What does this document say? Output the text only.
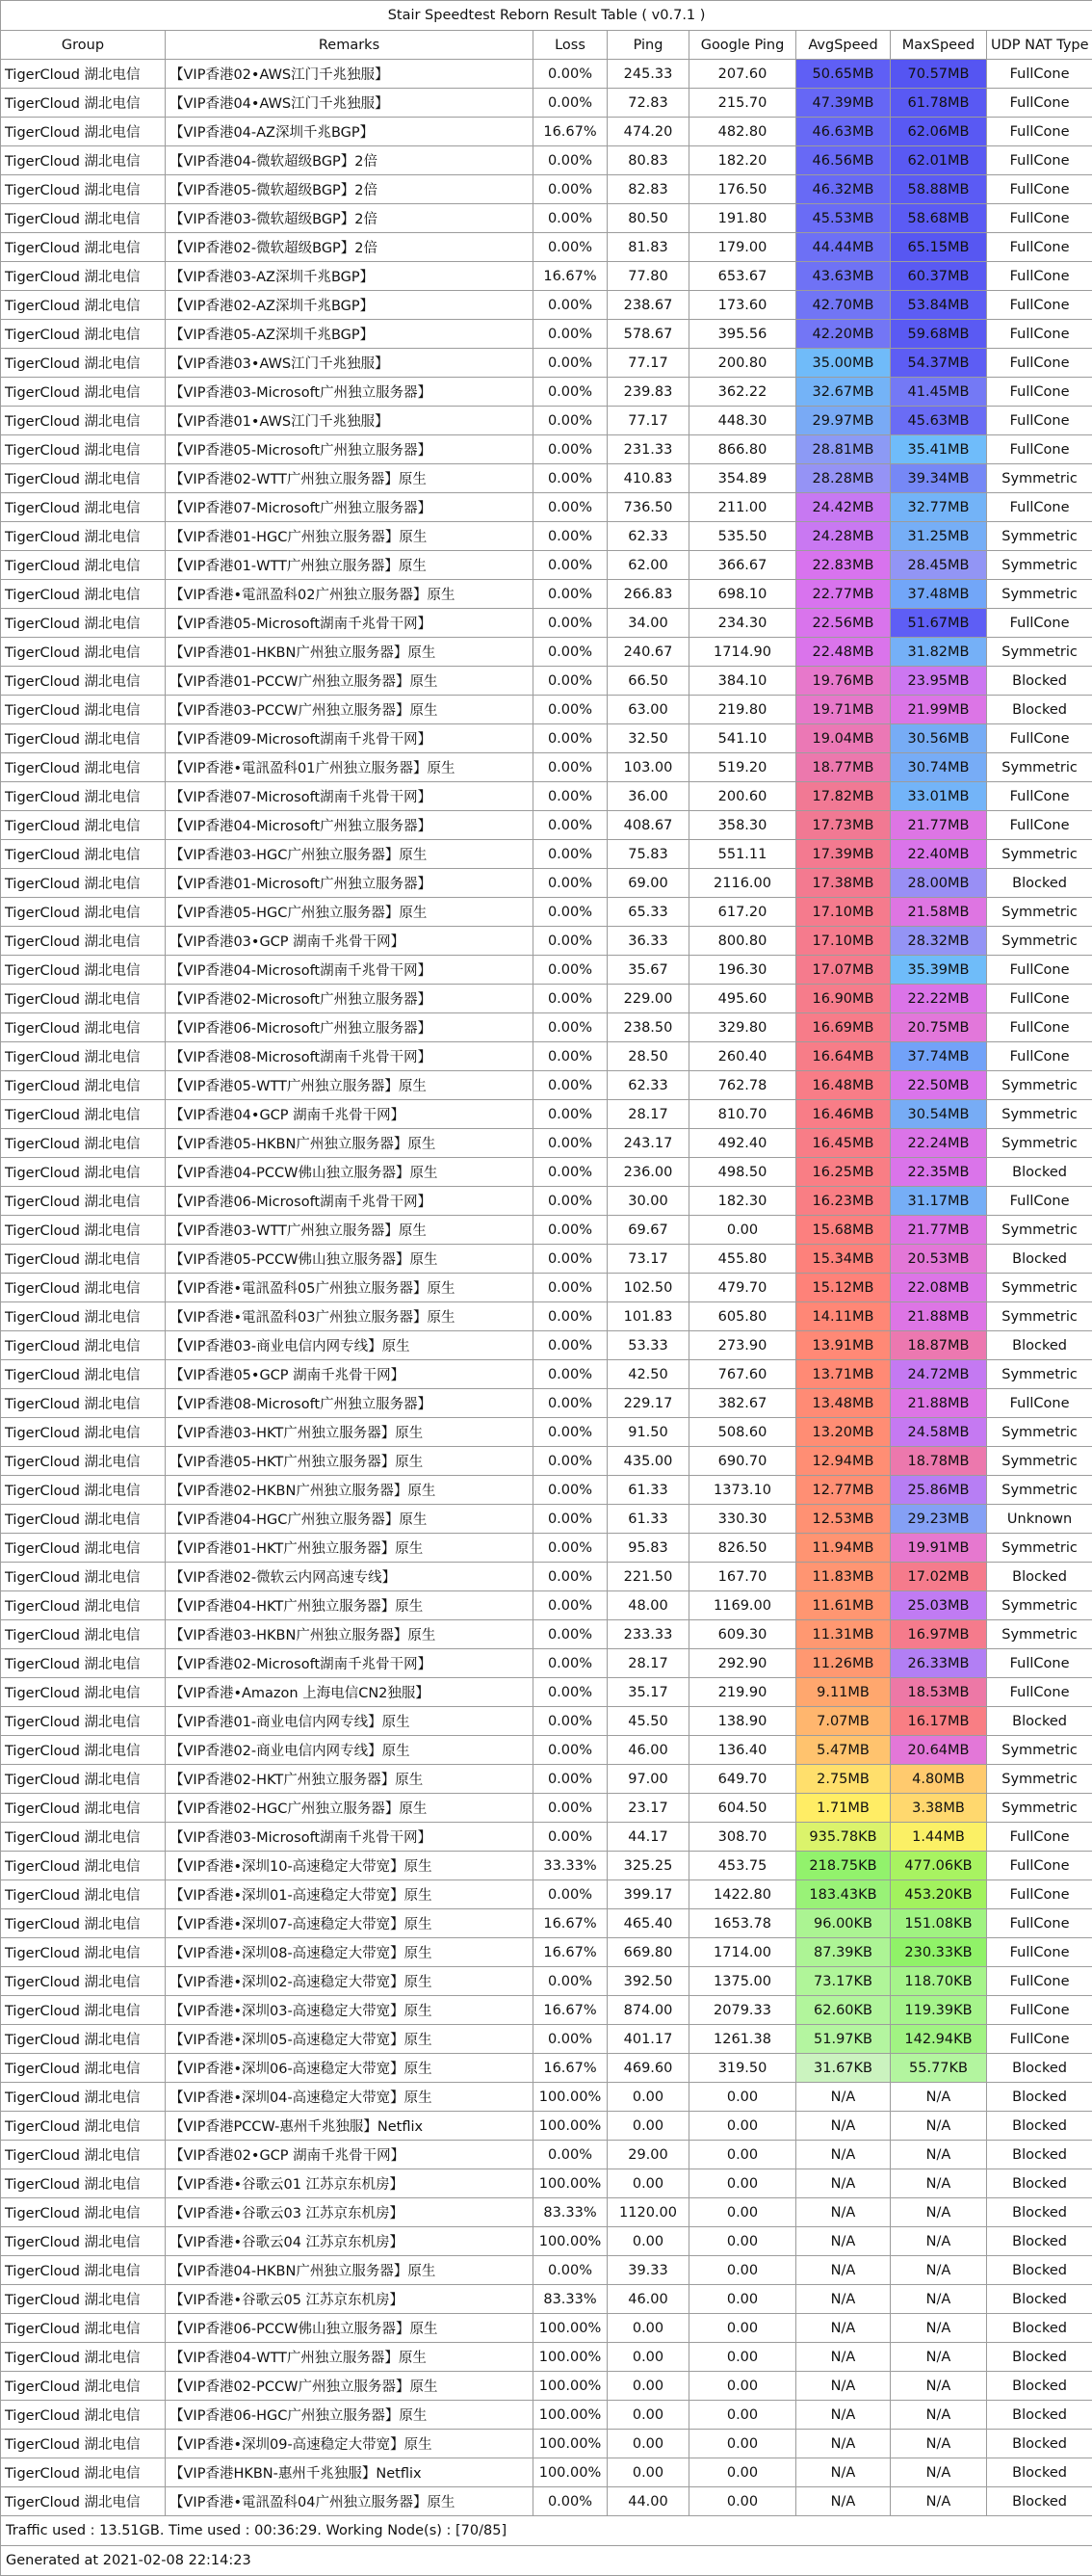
Stair Speedtest Reborn Result Table ( v0.7.1 )							
Group	Remarks	Loss	Ping	Google Ping	AvgSpeed	MaxSpeed	UDP NAT Type
TigerCloud 湖北电信	【VIP香港02•AWS江门千兆独服】	0.00%	245.33	207.60	50.65MB	70.57MB	FullCone
TigerCloud 湖北电信	【VIP香港04•AWS江门千兆独服】	0.00%	72.83	215.70	47.39MB	61.78MB	FullCone
TigerCloud 湖北电信	【VIP香港04-AZ深圳千兆BGP】	16.67%	474.20	482.80	46.63MB	62.06MB	FullCone
TigerCloud 湖北电信	【VIP香港04-微软超级BGP】2倍	0.00%	80.83	182.20	46.56MB	62.01MB	FullCone
TigerCloud 湖北电信	【VIP香港05-微软超级BGP】2倍	0.00%	82.83	176.50	46.32MB	58.88MB	FullCone
TigerCloud 湖北电信	【VIP香港03-微软超级BGP】2倍	0.00%	80.50	191.80	45.53MB	58.68MB	FullCone
TigerCloud 湖北电信	【VIP香港02-微软超级BGP】2倍	0.00%	81.83	179.00	44.44MB	65.15MB	FullCone
TigerCloud 湖北电信	【VIP香港03-AZ深圳千兆BGP】	16.67%	77.80	653.67	43.63MB	60.37MB	FullCone
TigerCloud 湖北电信	【VIP香港02-AZ深圳千兆BGP】	0.00%	238.67	173.60	42.70MB	53.84MB	FullCone
TigerCloud 湖北电信	【VIP香港05-AZ深圳千兆BGP】	0.00%	578.67	395.56	42.20MB	59.68MB	FullCone
TigerCloud 湖北电信	【VIP香港03•AWS江门千兆独服】	0.00%	77.17	200.80	35.00MB	54.37MB	FullCone
TigerCloud 湖北电信	【VIP香港03-Microsoft广州独立服务器】	0.00%	239.83	362.22	32.67MB	41.45MB	FullCone
TigerCloud 湖北电信	【VIP香港01•AWS江门千兆独服】	0.00%	77.17	448.30	29.97MB	45.63MB	FullCone
TigerCloud 湖北电信	【VIP香港05-Microsoft广州独立服务器】	0.00%	231.33	866.80	28.81MB	35.41MB	FullCone
TigerCloud 湖北电信	【VIP香港02-WTT广州独立服务器】原生	0.00%	410.83	354.89	28.28MB	39.34MB	Symmetric
TigerCloud 湖北电信	【VIP香港07-Microsoft广州独立服务器】	0.00%	736.50	211.00	24.42MB	32.77MB	FullCone
TigerCloud 湖北电信	【VIP香港01-HGC广州独立服务器】原生	0.00%	62.33	535.50	24.28MB	31.25MB	Symmetric
TigerCloud 湖北电信	【VIP香港01-WTT广州独立服务器】原生	0.00%	62.00	366.67	22.83MB	28.45MB	Symmetric
TigerCloud 湖北电信	【VIP香港•電訊盈科02广州独立服务器】原生	0.00%	266.83	698.10	22.77MB	37.48MB	Symmetric
TigerCloud 湖北电信	【VIP香港05-Microsoft湖南千兆骨干网】	0.00%	34.00	234.30	22.56MB	51.67MB	FullCone
TigerCloud 湖北电信	【VIP香港01-HKBN广州独立服务器】原生	0.00%	240.67	1714.90	22.48MB	31.82MB	Symmetric
TigerCloud 湖北电信	【VIP香港01-PCCW广州独立服务器】原生	0.00%	66.50	384.10	19.76MB	23.95MB	Blocked
TigerCloud 湖北电信	【VIP香港03-PCCW广州独立服务器】原生	0.00%	63.00	219.80	19.71MB	21.99MB	Blocked
TigerCloud 湖北电信	【VIP香港09-Microsoft湖南千兆骨干网】	0.00%	32.50	541.10	19.04MB	30.56MB	FullCone
TigerCloud 湖北电信	【VIP香港•電訊盈科01广州独立服务器】原生	0.00%	103.00	519.20	18.77MB	30.74MB	Symmetric
TigerCloud 湖北电信	【VIP香港07-Microsoft湖南千兆骨干网】	0.00%	36.00	200.60	17.82MB	33.01MB	FullCone
TigerCloud 湖北电信	【VIP香港04-Microsoft广州独立服务器】	0.00%	408.67	358.30	17.73MB	21.77MB	FullCone
TigerCloud 湖北电信	【VIP香港03-HGC广州独立服务器】原生	0.00%	75.83	551.11	17.39MB	22.40MB	Symmetric
TigerCloud 湖北电信	【VIP香港01-Microsoft广州独立服务器】	0.00%	69.00	2116.00	17.38MB	28.00MB	Blocked
TigerCloud 湖北电信	【VIP香港05-HGC广州独立服务器】原生	0.00%	65.33	617.20	17.10MB	21.58MB	Symmetric
TigerCloud 湖北电信	【VIP香港03•GCP 湖南千兆骨干网】	0.00%	36.33	800.80	17.10MB	28.32MB	Symmetric
TigerCloud 湖北电信	【VIP香港04-Microsoft湖南千兆骨干网】	0.00%	35.67	196.30	17.07MB	35.39MB	FullCone
TigerCloud 湖北电信	【VIP香港02-Microsoft广州独立服务器】	0.00%	229.00	495.60	16.90MB	22.22MB	FullCone
TigerCloud 湖北电信	【VIP香港06-Microsoft广州独立服务器】	0.00%	238.50	329.80	16.69MB	20.75MB	FullCone
TigerCloud 湖北电信	【VIP香港08-Microsoft湖南千兆骨干网】	0.00%	28.50	260.40	16.64MB	37.74MB	FullCone
TigerCloud 湖北电信	【VIP香港05-WTT广州独立服务器】原生	0.00%	62.33	762.78	16.48MB	22.50MB	Symmetric
TigerCloud 湖北电信	【VIP香港04•GCP 湖南千兆骨干网】	0.00%	28.17	810.70	16.46MB	30.54MB	Symmetric
TigerCloud 湖北电信	【VIP香港05-HKBN广州独立服务器】原生	0.00%	243.17	492.40	16.45MB	22.24MB	Symmetric
TigerCloud 湖北电信	【VIP香港04-PCCW佛山独立服务器】原生	0.00%	236.00	498.50	16.25MB	22.35MB	Blocked
TigerCloud 湖北电信	【VIP香港06-Microsoft湖南千兆骨干网】	0.00%	30.00	182.30	16.23MB	31.17MB	FullCone
TigerCloud 湖北电信	【VIP香港03-WTT广州独立服务器】原生	0.00%	69.67	0.00	15.68MB	21.77MB	Symmetric
TigerCloud 湖北电信	【VIP香港05-PCCW佛山独立服务器】原生	0.00%	73.17	455.80	15.34MB	20.53MB	Blocked
TigerCloud 湖北电信	【VIP香港•電訊盈科05广州独立服务器】原生	0.00%	102.50	479.70	15.12MB	22.08MB	Symmetric
TigerCloud 湖北电信	【VIP香港•電訊盈科03广州独立服务器】原生	0.00%	101.83	605.80	14.11MB	21.88MB	Symmetric
TigerCloud 湖北电信	【VIP香港03-商业电信内网专线】原生	0.00%	53.33	273.90	13.91MB	18.87MB	Blocked
TigerCloud 湖北电信	【VIP香港05•GCP 湖南千兆骨干网】	0.00%	42.50	767.60	13.71MB	24.72MB	Symmetric
TigerCloud 湖北电信	【VIP香港08-Microsoft广州独立服务器】	0.00%	229.17	382.67	13.48MB	21.88MB	FullCone
TigerCloud 湖北电信	【VIP香港03-HKT广州独立服务器】原生	0.00%	91.50	508.60	13.20MB	24.58MB	Symmetric
TigerCloud 湖北电信	【VIP香港05-HKT广州独立服务器】原生	0.00%	435.00	690.70	12.94MB	18.78MB	Symmetric
TigerCloud 湖北电信	【VIP香港02-HKBN广州独立服务器】原生	0.00%	61.33	1373.10	12.77MB	25.86MB	Symmetric
TigerCloud 湖北电信	【VIP香港04-HGC广州独立服务器】原生	0.00%	61.33	330.30	12.53MB	29.23MB	Unknown
TigerCloud 湖北电信	【VIP香港01-HKT广州独立服务器】原生	0.00%	95.83	826.50	11.94MB	19.91MB	Symmetric
TigerCloud 湖北电信	【VIP香港02-微软云内网高速专线】	0.00%	221.50	167.70	11.83MB	17.02MB	Blocked
TigerCloud 湖北电信	【VIP香港04-HKT广州独立服务器】原生	0.00%	48.00	1169.00	11.61MB	25.03MB	Symmetric
TigerCloud 湖北电信	【VIP香港03-HKBN广州独立服务器】原生	0.00%	233.33	609.30	11.31MB	16.97MB	Symmetric
TigerCloud 湖北电信	【VIP香港02-Microsoft湖南千兆骨干网】	0.00%	28.17	292.90	11.26MB	26.33MB	FullCone
TigerCloud 湖北电信	【VIP香港•Amazon 上海电信CN2独服】	0.00%	35.17	219.90	9.11MB	18.53MB	FullCone
TigerCloud 湖北电信	【VIP香港01-商业电信内网专线】原生	0.00%	45.50	138.90	7.07MB	16.17MB	Blocked
TigerCloud 湖北电信	【VIP香港02-商业电信内网专线】原生	0.00%	46.00	136.40	5.47MB	20.64MB	Symmetric
TigerCloud 湖北电信	【VIP香港02-HKT广州独立服务器】原生	0.00%	97.00	649.70	2.75MB	4.80MB	Symmetric
TigerCloud 湖北电信	【VIP香港02-HGC广州独立服务器】原生	0.00%	23.17	604.50	1.71MB	3.38MB	Symmetric
TigerCloud 湖北电信	【VIP香港03-Microsoft湖南千兆骨干网】	0.00%	44.17	308.70	935.78KB	1.44MB	FullCone
TigerCloud 湖北电信	【VIP香港•深圳10-高速稳定大带宽】原生	33.33%	325.25	453.75	218.75KB	477.06KB	FullCone
TigerCloud 湖北电信	【VIP香港•深圳01-高速稳定大带宽】原生	0.00%	399.17	1422.80	183.43KB	453.20KB	FullCone
TigerCloud 湖北电信	【VIP香港•深圳07-高速稳定大带宽】原生	16.67%	465.40	1653.78	96.00KB	151.08KB	FullCone
TigerCloud 湖北电信	【VIP香港•深圳08-高速稳定大带宽】原生	16.67%	669.80	1714.00	87.39KB	230.33KB	FullCone
TigerCloud 湖北电信	【VIP香港•深圳02-高速稳定大带宽】原生	0.00%	392.50	1375.00	73.17KB	118.70KB	FullCone
TigerCloud 湖北电信	【VIP香港•深圳03-高速稳定大带宽】原生	16.67%	874.00	2079.33	62.60KB	119.39KB	FullCone
TigerCloud 湖北电信	【VIP香港•深圳05-高速稳定大带宽】原生	0.00%	401.17	1261.38	51.97KB	142.94KB	FullCone
TigerCloud 湖北电信	【VIP香港•深圳06-高速稳定大带宽】原生	16.67%	469.60	319.50	31.67KB	55.77KB	Blocked
TigerCloud 湖北电信	【VIP香港•深圳04-高速稳定大带宽】原生	100.00%	0.00	0.00	N/A	N/A	Blocked
TigerCloud 湖北电信	【VIP香港PCCW-惠州千兆独服】Netflix	100.00%	0.00	0.00	N/A	N/A	Blocked
TigerCloud 湖北电信	【VIP香港02•GCP 湖南千兆骨干网】	0.00%	29.00	0.00	N/A	N/A	Blocked
TigerCloud 湖北电信	【VIP香港•谷歌云01 江苏京东机房】	100.00%	0.00	0.00	N/A	N/A	Blocked
TigerCloud 湖北电信	【VIP香港•谷歌云03 江苏京东机房】	83.33%	1120.00	0.00	N/A	N/A	Blocked
TigerCloud 湖北电信	【VIP香港•谷歌云04 江苏京东机房】	100.00%	0.00	0.00	N/A	N/A	Blocked
TigerCloud 湖北电信	【VIP香港04-HKBN广州独立服务器】原生	0.00%	39.33	0.00	N/A	N/A	Blocked
TigerCloud 湖北电信	【VIP香港•谷歌云05 江苏京东机房】	83.33%	46.00	0.00	N/A	N/A	Blocked
TigerCloud 湖北电信	【VIP香港06-PCCW佛山独立服务器】原生	100.00%	0.00	0.00	N/A	N/A	Blocked
TigerCloud 湖北电信	【VIP香港04-WTT广州独立服务器】原生	100.00%	0.00	0.00	N/A	N/A	Blocked
TigerCloud 湖北电信	【VIP香港02-PCCW广州独立服务器】原生	100.00%	0.00	0.00	N/A	N/A	Blocked
TigerCloud 湖北电信	【VIP香港06-HGC广州独立服务器】原生	100.00%	0.00	0.00	N/A	N/A	Blocked
TigerCloud 湖北电信	【VIP香港•深圳09-高速稳定大带宽】原生	100.00%	0.00	0.00	N/A	N/A	Blocked
TigerCloud 湖北电信	【VIP香港HKBN-惠州千兆独服】Netflix	100.00%	0.00	0.00	N/A	N/A	Blocked
TigerCloud 湖北电信	【VIP香港•電訊盈科04广州独立服务器】原生	0.00%	44.00	0.00	N/A	N/A	Blocked
Traffic used : 13.51GB. Time used : 00:36:29. Working Node(s) : [70/85]							
Generated at 2021-02-08 22:14:23							
